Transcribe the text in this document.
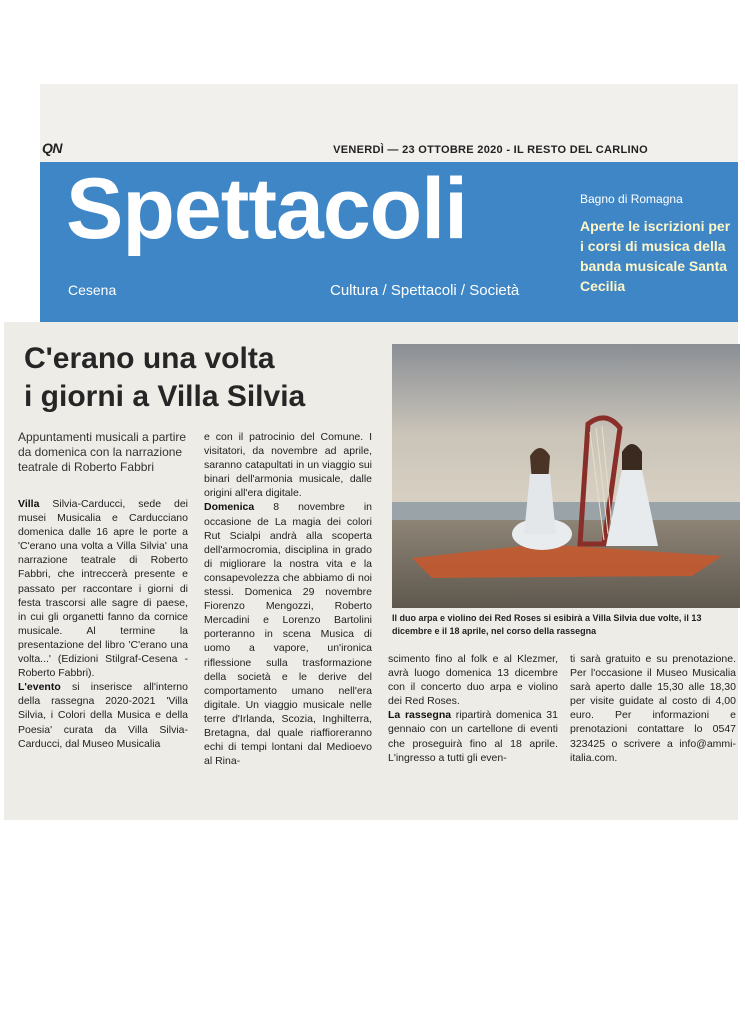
QN	VENERDÌ — 23 OTTOBRE 2020 - IL RESTO DEL CARLINO
Spettacoli
Cesena	Cultura / Spettacoli / Società
Bagno di Romagna
Aperte le iscrizioni per i corsi di musica della banda musicale Santa Cecilia
C'erano una volta
i giorni a Villa Silvia
Appuntamenti musicali a partire da domenica con la narrazione teatrale di Roberto Fabbri

Villa Silvia-Carducci, sede dei musei Musicalia e Carducciano domenica dalle 16 apre le porte a 'C'erano una volta a Villa Silvia' una narrazione teatrale di Roberto Fabbri, che intreccerà presente e passato per raccontare i giorni di festa trascorsi alle sagre di paese, in cui gli organetti fanno da cornice musicale. Al termine la presentazione del libro 'C'erano una volta...' (Edizioni Stilgraf-Cesena - Roberto Fabbri).

L'evento si inserisce all'interno della rassegna 2020-2021 'Villa Silvia, i Colori della Musica e della Poesia' curata da Villa Silvia-Carducci, dal Museo Musicalia

e con il patrocinio del Comune. I visitatori, da novembre ad aprile, saranno catapultati in un viaggio sui binari dell'armonia musicale, dalle origini all'era digitale.

Domenica 8 novembre in occasione de La magia dei colori Rut Scialpi andrà alla scoperta dell'armocromia, disciplina in grado di migliorare la nostra vita e la consapevolezza che abbiamo di noi stessi. Domenica 29 novembre Fiorenzo Mengozzi, Roberto Mercadini e Lorenzo Bartolini porteranno in scena Musica di uomo a vapore, un'ironica riflessione sulla trasformazione della società e le derive del comportamento umano nell'era digitale. Un viaggio musicale nelle terre d'Irlanda, Scozia, Inghilterra, Bretagna, dal quale riaffioreranno echi di tempi lontani dal Medioevo al Rina-

Il duo arpa e violino dei Red Roses si esibirà a Villa Silvia due volte, il 13 dicembre e il 18 aprile, nel corso della rassegna

scimento fino al folk e al Klezmer, avrà luogo domenica 13 dicembre con il concerto duo arpa e violino dei Red Roses.

La rassegna ripartirà domenica 31 gennaio con un cartellone di eventi che proseguirà fino al 18 aprile. L'ingresso a tutti gli even-

ti sarà gratuito e su prenotazione. Per l'occasione il Museo Musicalia sarà aperto dalle 15,30 alle 18,30 per visite guidate al costo di 4,00 euro. Per informazioni e prenotazioni contattare lo 0547 323425 o scrivere a info@ammi-italia.com.
